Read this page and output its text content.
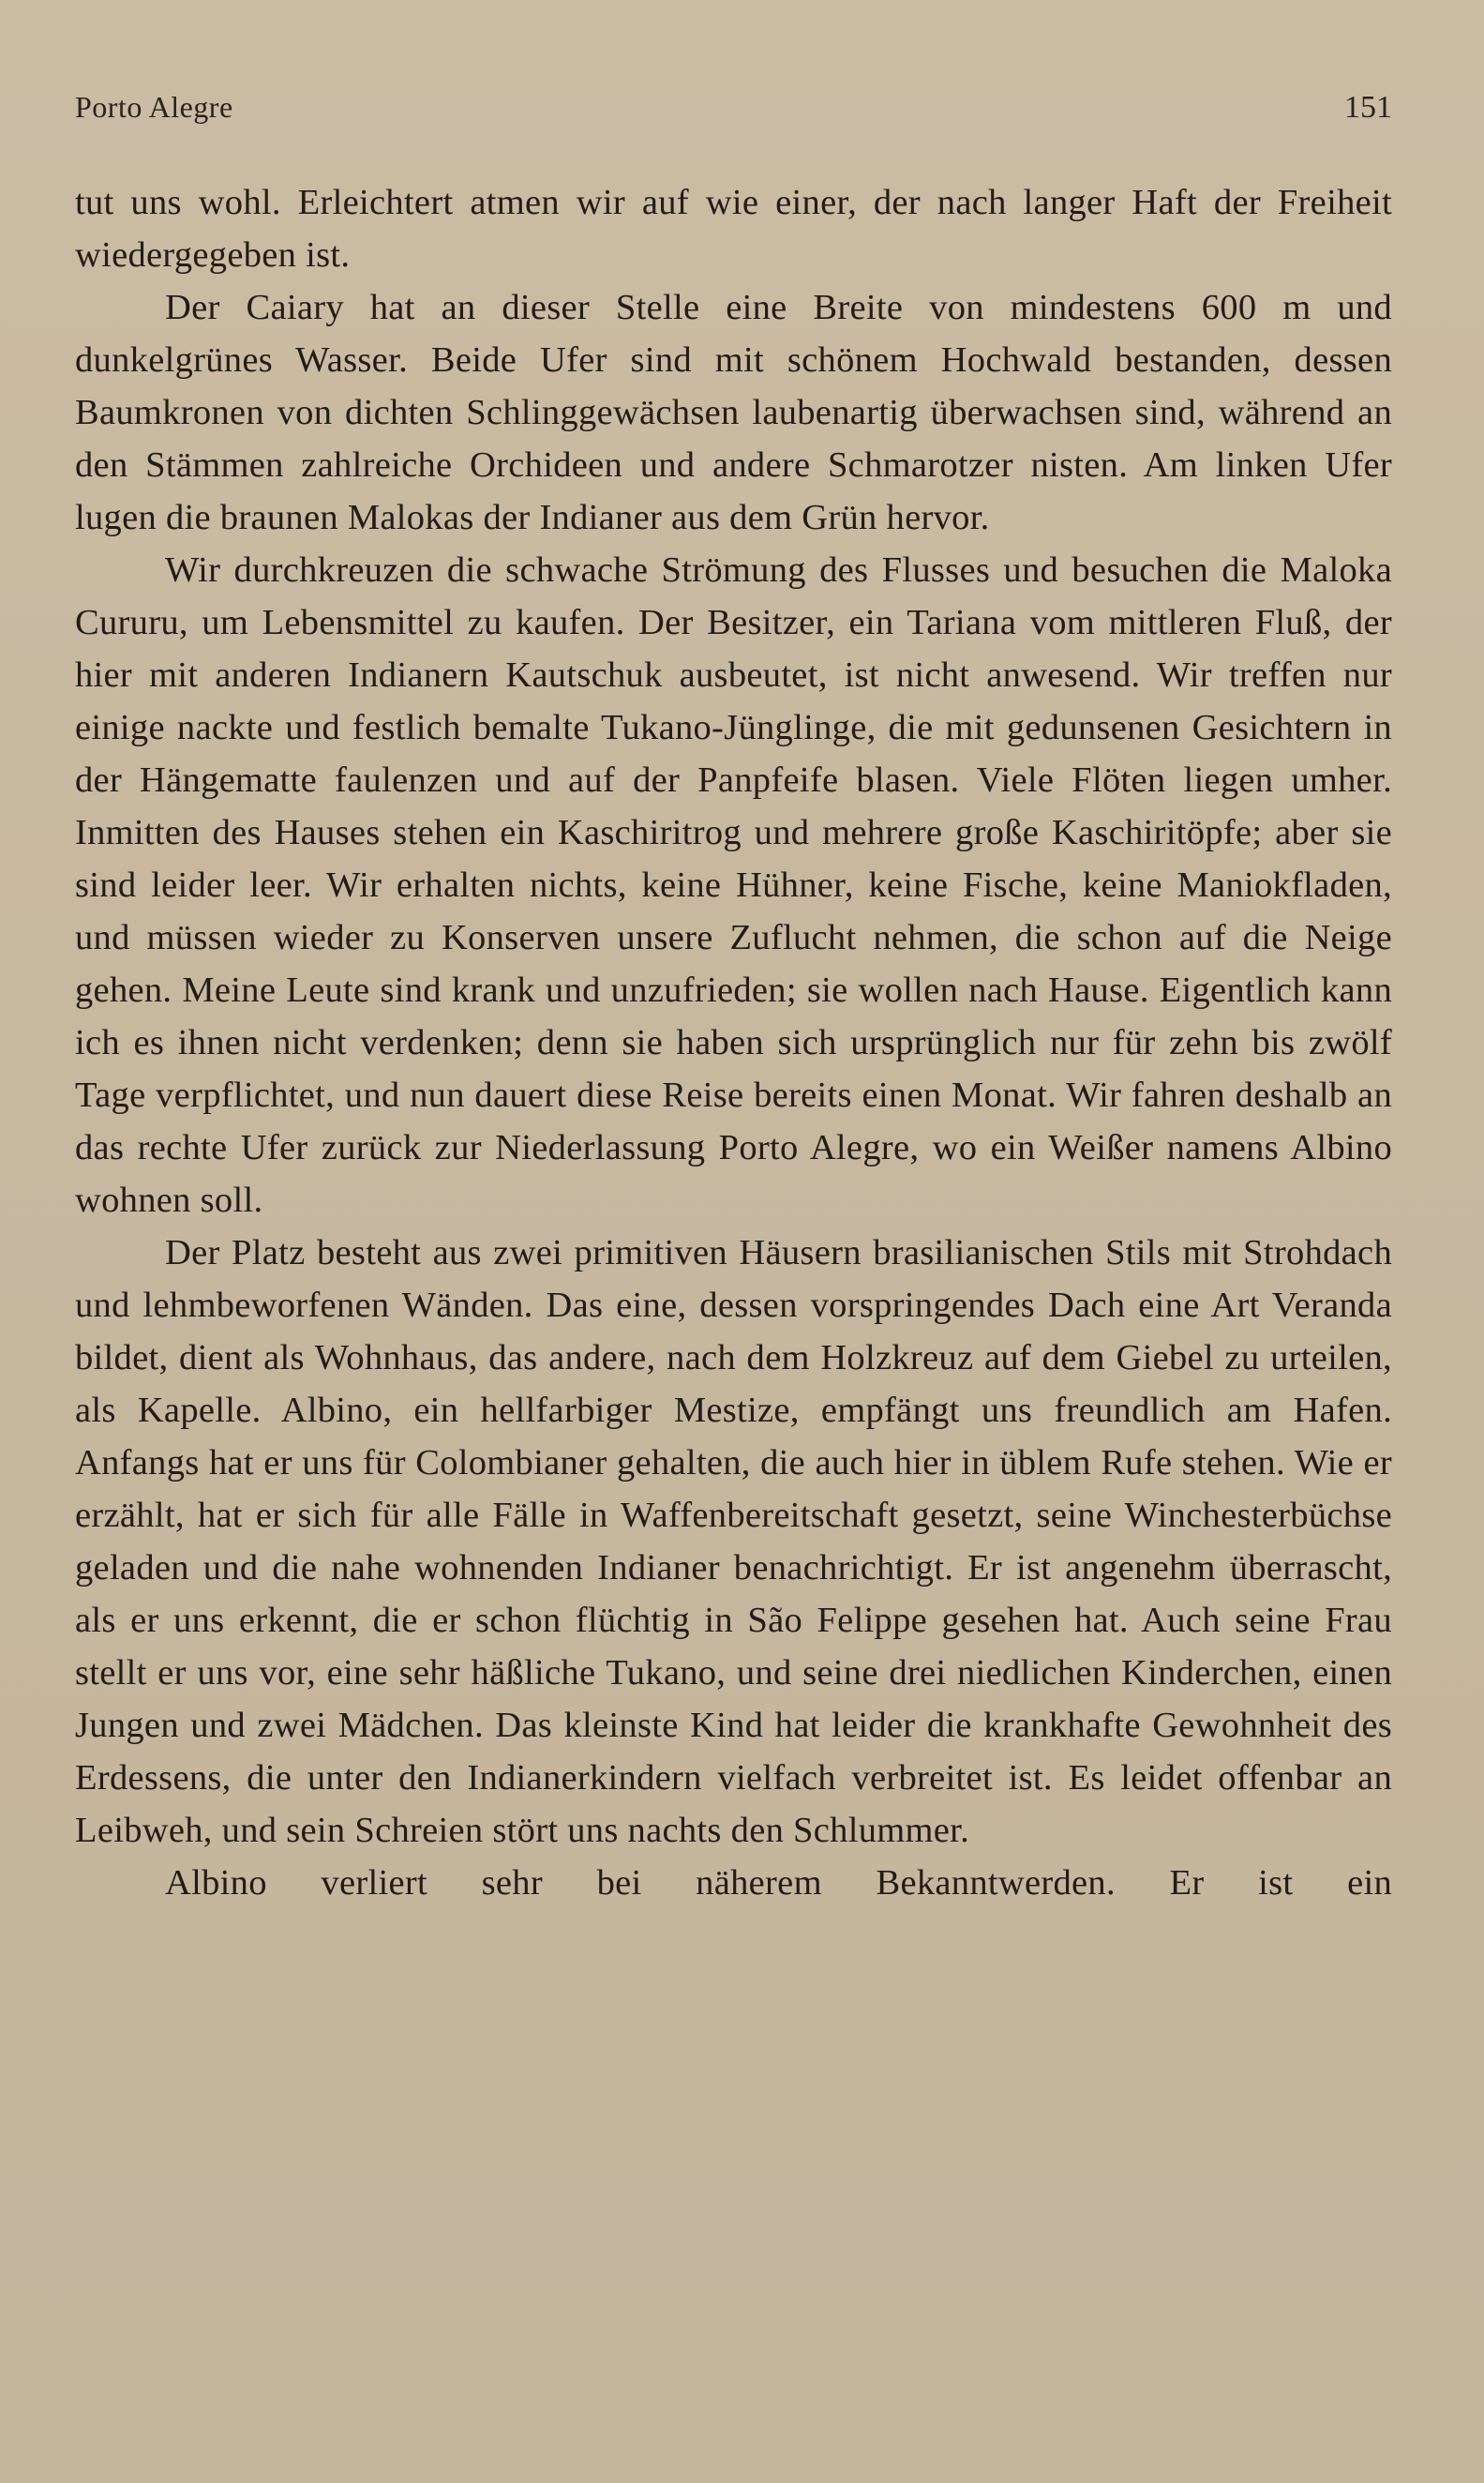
Porto Alegre	151

tut uns wohl. Erleichtert atmen wir auf wie einer, der nach langer Haft der Freiheit wiedergegeben ist.

Der Caiary hat an dieser Stelle eine Breite von mindestens 600 m und dunkelgrünes Wasser. Beide Ufer sind mit schönem Hochwald bestanden, dessen Baumkronen von dichten Schlinggewächsen laubenartig überwachsen sind, während an den Stämmen zahlreiche Orchideen und andere Schmarotzer nisten. Am linken Ufer lugen die braunen Malokas der Indianer aus dem Grün hervor.

Wir durchkreuzen die schwache Strömung des Flusses und besuchen die Maloka Cururu, um Lebensmittel zu kaufen. Der Besitzer, ein Tariana vom mittleren Fluß, der hier mit anderen Indianern Kautschuk ausbeutet, ist nicht anwesend. Wir treffen nur einige nackte und festlich bemalte Tukano-Jünglinge, die mit gedunsenen Gesichtern in der Hängematte faulenzen und auf der Panpfeife blasen. Viele Flöten liegen umher. Inmitten des Hauses stehen ein Kaschiritrog und mehrere große Kaschiritöpfe; aber sie sind leider leer. Wir erhalten nichts, keine Hühner, keine Fische, keine Maniokfladen, und müssen wieder zu Konserven unsere Zuflucht nehmen, die schon auf die Neige gehen. Meine Leute sind krank und unzufrieden; sie wollen nach Hause. Eigentlich kann ich es ihnen nicht verdenken; denn sie haben sich ursprünglich nur für zehn bis zwölf Tage verpflichtet, und nun dauert diese Reise bereits einen Monat. Wir fahren deshalb an das rechte Ufer zurück zur Niederlassung Porto Alegre, wo ein Weißer namens Albino wohnen soll.

Der Platz besteht aus zwei primitiven Häusern brasilianischen Stils mit Strohdach und lehmbeworfenen Wänden. Das eine, dessen vorspringendes Dach eine Art Veranda bildet, dient als Wohnhaus, das andere, nach dem Holzkreuz auf dem Giebel zu urteilen, als Kapelle. Albino, ein hellfarbiger Mestize, empfängt uns freundlich am Hafen. Anfangs hat er uns für Colombianer gehalten, die auch hier in üblem Rufe stehen. Wie er erzählt, hat er sich für alle Fälle in Waffenbereitschaft gesetzt, seine Winchesterbüchse geladen und die nahe wohnenden Indianer benachrichtigt. Er ist angenehm überrascht, als er uns erkennt, die er schon flüchtig in São Felippe gesehen hat. Auch seine Frau stellt er uns vor, eine sehr häßliche Tukano, und seine drei niedlichen Kinderchen, einen Jungen und zwei Mädchen. Das kleinste Kind hat leider die krankhafte Gewohnheit des Erdessens, die unter den Indianerkindern vielfach verbreitet ist. Es leidet offenbar an Leibweh, und sein Schreien stört uns nachts den Schlummer.

Albino verliert sehr bei näherem Bekanntwerden. Er ist ein
